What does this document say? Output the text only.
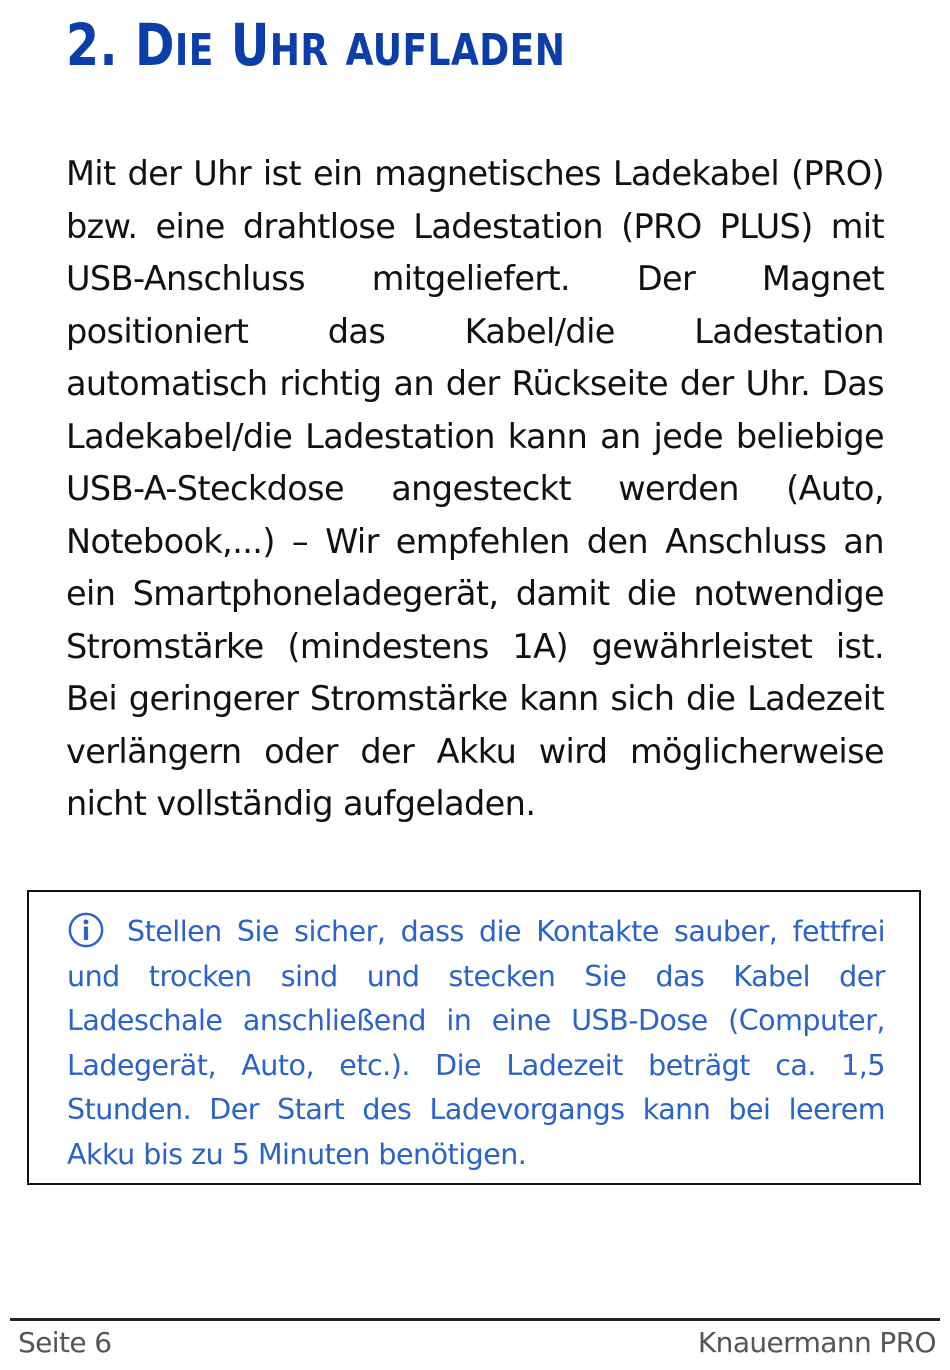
2. DIE UHR AUFLADEN

Mit der Uhr ist ein magnetisches Ladekabel (PRO) bzw. eine drahtlose Ladestation (PRO PLUS) mit USB-Anschluss mitgeliefert. Der Magnet positioniert das Kabel/die Ladestation automatisch richtig an der Rückseite der Uhr. Das Ladekabel/die Ladestation kann an jede beliebige USB-A-Steckdose angesteckt werden (Auto, Notebook,...) – Wir empfehlen den Anschluss an ein Smartphoneladegerät, damit die notwendige Stromstärke (mindestens 1A) gewährleistet ist. Bei geringerer Stromstärke kann sich die Ladezeit verlängern oder der Akku wird möglicherweise nicht vollständig aufgeladen.

Stellen Sie sicher, dass die Kontakte sauber, fettfrei und trocken sind und stecken Sie das Kabel der Ladeschale anschließend in eine USB-Dose (Computer, Ladegerät, Auto, etc.). Die Ladezeit beträgt ca. 1,5 Stunden. Der Start des Ladevorgangs kann bei leerem Akku bis zu 5 Minuten benötigen.

Seite 6	Knauermann PRO
